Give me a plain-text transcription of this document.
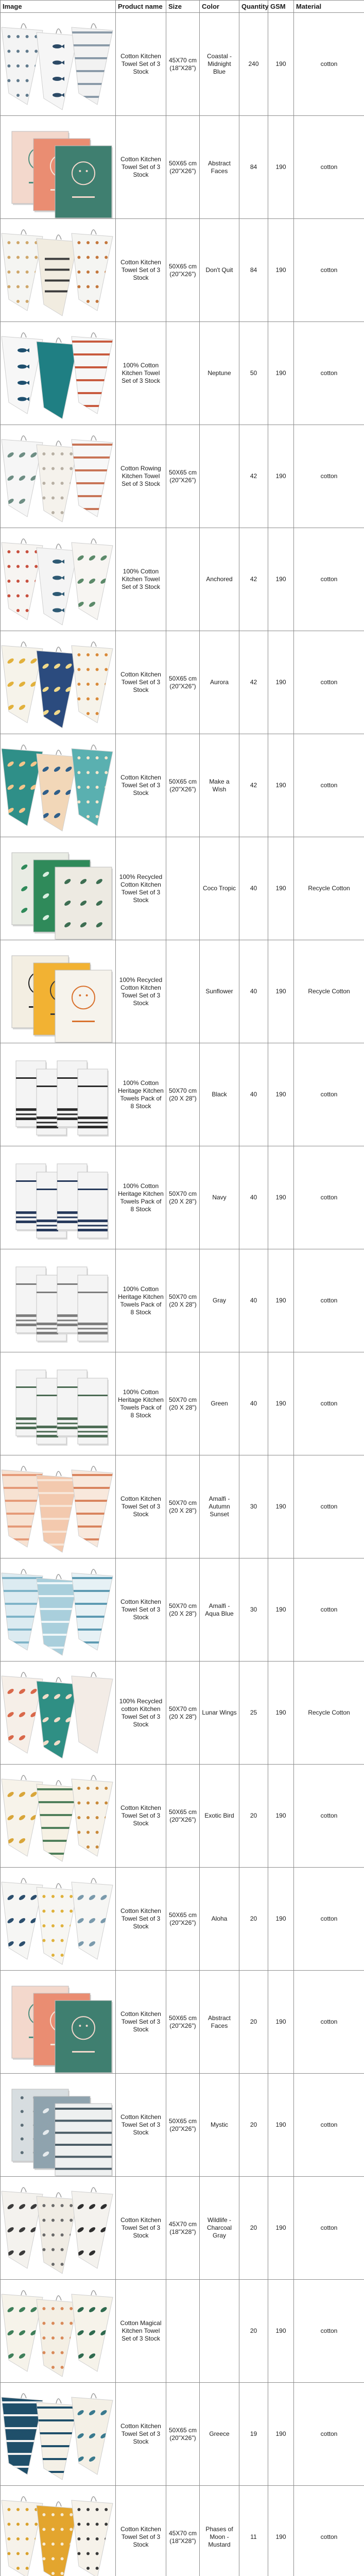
Image	Product name	Size	Color	Quantity	GSM	Material

	Cotton Kitchen Towel Set of 3 Stock	45X70 cm (18"X28")	Coastal - Midnight Blue	240	190	cotton

	Cotton Kitchen Towel Set of 3 Stock	50X65 cm (20"X26")	Abstract Faces	84	190	cotton

	Cotton Kitchen Towel Set of 3 Stock	50X65 cm (20"X26")	Don't Quit	84	190	cotton

	100% Cotton Kitchen Towel Set of 3 Stock		Neptune	50	190	cotton

	Cotton Rowing Kitchen Towel Set of 3 Stock	50X65 cm (20"X26")		42	190	cotton

	100% Cotton Kitchen Towel Set of 3 Stock		Anchored	42	190	cotton

	Cotton Kitchen Towel Set of 3 Stock	50X65 cm (20"X26")	Aurora	42	190	cotton

	Cotton Kitchen Towel Set of 3 Stock	50X65 cm (20"X26")	Make a Wish	42	190	cotton

	100% Recycled Cotton Kitchen Towel Set of 3 Stock		Coco Tropic	40	190	Recycle Cotton

	100% Recycled Cotton Kitchen Towel Set of 3 Stock		Sunflower	40	190	Recycle Cotton

	100% Cotton Heritage Kitchen Towels Pack of 8 Stock	50X70 cm (20 X 28")	Black	40	190	cotton

	100% Cotton Heritage Kitchen Towels Pack of 8 Stock	50X70 cm (20 X 28")	Navy	40	190	cotton

	100% Cotton Heritage Kitchen Towels Pack of 8 Stock	50X70 cm (20 X 28")	Gray	40	190	cotton

	100% Cotton Heritage Kitchen Towels Pack of 8 Stock	50X70 cm (20 X 28")	Green	40	190	cotton

	Cotton Kitchen Towel Set of 3 Stock	50X70 cm (20 X 28")	Amalfi - Autumn Sunset	30	190	cotton

	Cotton Kitchen Towel Set of 3 Stock	50X70 cm (20 X 28")	Amalfi - Aqua Blue	30	190	cotton

	100% Recycled cotton Kitchen Towel Set of 3 Stock	50X70 cm (20 X 28")	Lunar Wings	25	190	Recycle Cotton

	Cotton Kitchen Towel Set of 3 Stock	50X65 cm (20"X26")	Exotic Bird	20	190	cotton

	Cotton Kitchen Towel Set of 3 Stock	50X65 cm (20"X26")	Aloha	20	190	cotton

	Cotton Kitchen Towel Set of 3 Stock	50X65 cm (20"X26")	Abstract Faces	20	190	cotton

	Cotton Kitchen Towel Set of 3 Stock	50X65 cm (20"X26")	Mystic	20	190	cotton

	Cotton Kitchen Towel Set of 3 Stock	45X70 cm (18"X28")	Wildlife - Charcoal Gray	20	190	cotton

	Cotton Magical Kitchen Towel Set of 3 Stock			20	190	cotton

	Cotton Kitchen Towel Set of 3 Stock	50X65 cm (20"X26")	Greece	19	190	cotton

	Cotton Kitchen Towel Set of 3 Stock	45X70 cm (18"X28")	Phases of Moon - Mustard	11	190	cotton
